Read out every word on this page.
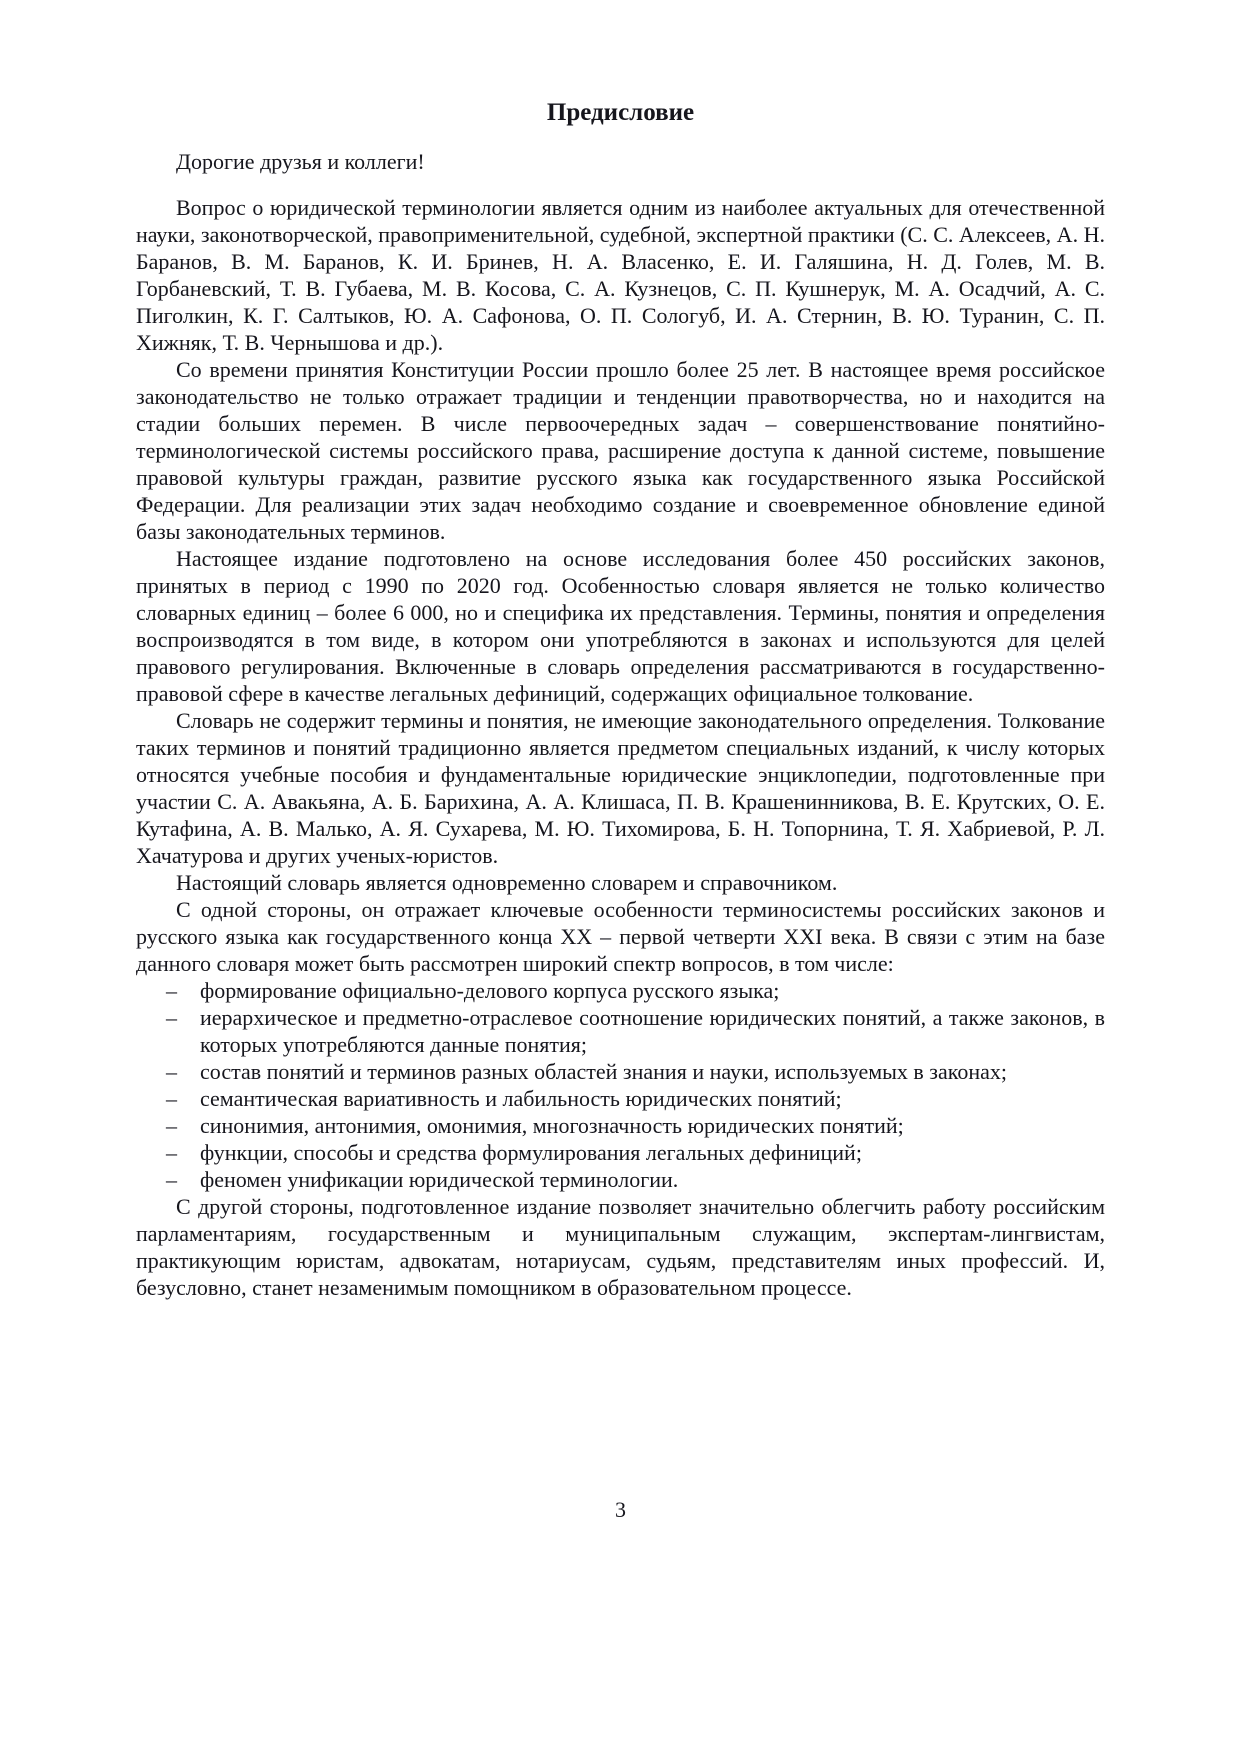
Предисловие

Дорогие друзья и коллеги!

Вопрос о юридической терминологии является одним из наиболее актуальных для отечественной науки, законотворческой, правоприменительной, судебной, экспертной практики (С. С. Алексеев, А. Н. Баранов, В. М. Баранов, К. И. Бринев, Н. А. Власенко, Е. И. Галяшина, Н. Д. Голев, М. В. Горбаневский, Т. В. Губаева, М. В. Косова, С. А. Кузнецов, С. П. Кушнерук, М. А. Осадчий, А. С. Пиголкин, К. Г. Салтыков, Ю. А. Сафонова, О. П. Сологуб, И. А. Стернин, В. Ю. Туранин, С. П. Хижняк, Т. В. Чернышова и др.).

Со времени принятия Конституции России прошло более 25 лет. В настоящее время российское законодательство не только отражает традиции и тенденции правотворчества, но и находится на стадии больших перемен. В числе первоочередных задач – совершенствование понятийно-терминологической системы российского права, расширение доступа к данной системе, повышение правовой культуры граждан, развитие русского языка как государственного языка Российской Федерации. Для реализации этих задач необходимо создание и своевременное обновление единой базы законодательных терминов.

Настоящее издание подготовлено на основе исследования более 450 российских законов, принятых в период с 1990 по 2020 год. Особенностью словаря является не только количество словарных единиц – более 6 000, но и специфика их представления. Термины, понятия и определения воспроизводятся в том виде, в котором они употребляются в законах и используются для целей правового регулирования. Включенные в словарь определения рассматриваются в государственно-правовой сфере в качестве легальных дефиниций, содержащих официальное толкование.

Словарь не содержит термины и понятия, не имеющие законодательного определения. Толкование таких терминов и понятий традиционно является предметом специальных изданий, к числу которых относятся учебные пособия и фундаментальные юридические энциклопедии, подготовленные при участии С. А. Авакьяна, А. Б. Барихина, А. А. Клишаса, П. В. Крашенинникова, В. Е. Крутских, О. Е. Кутафина, А. В. Малько, А. Я. Сухарева, М. Ю. Тихомирова, Б. Н. Топорнина, Т. Я. Хабриевой, Р. Л. Хачатурова и других ученых-юристов.

Настоящий словарь является одновременно словарем и справочником.

С одной стороны, он отражает ключевые особенности терминосистемы российских законов и русского языка как государственного конца XX – первой четверти XXI века. В связи с этим на базе данного словаря может быть рассмотрен широкий спектр вопросов, в том числе:

–	формирование официально-делового корпуса русского языка;
–	иерархическое и предметно-отраслевое соотношение юридических понятий, а также законов, в которых употребляются данные понятия;
–	состав понятий и терминов разных областей знания и науки, используемых в законах;
–	семантическая вариативность и лабильность юридических понятий;
–	синонимия, антонимия, омонимия, многозначность юридических понятий;
–	функции, способы и средства формулирования легальных дефиниций;
–	феномен унификации юридической терминологии.

С другой стороны, подготовленное издание позволяет значительно облегчить работу российским парламентариям, государственным и муниципальным служащим, экспертам-лингвистам, практикующим юристам, адвокатам, нотариусам, судьям, представителям иных профессий. И, безусловно, станет незаменимым помощником в образовательном процессе.

3
